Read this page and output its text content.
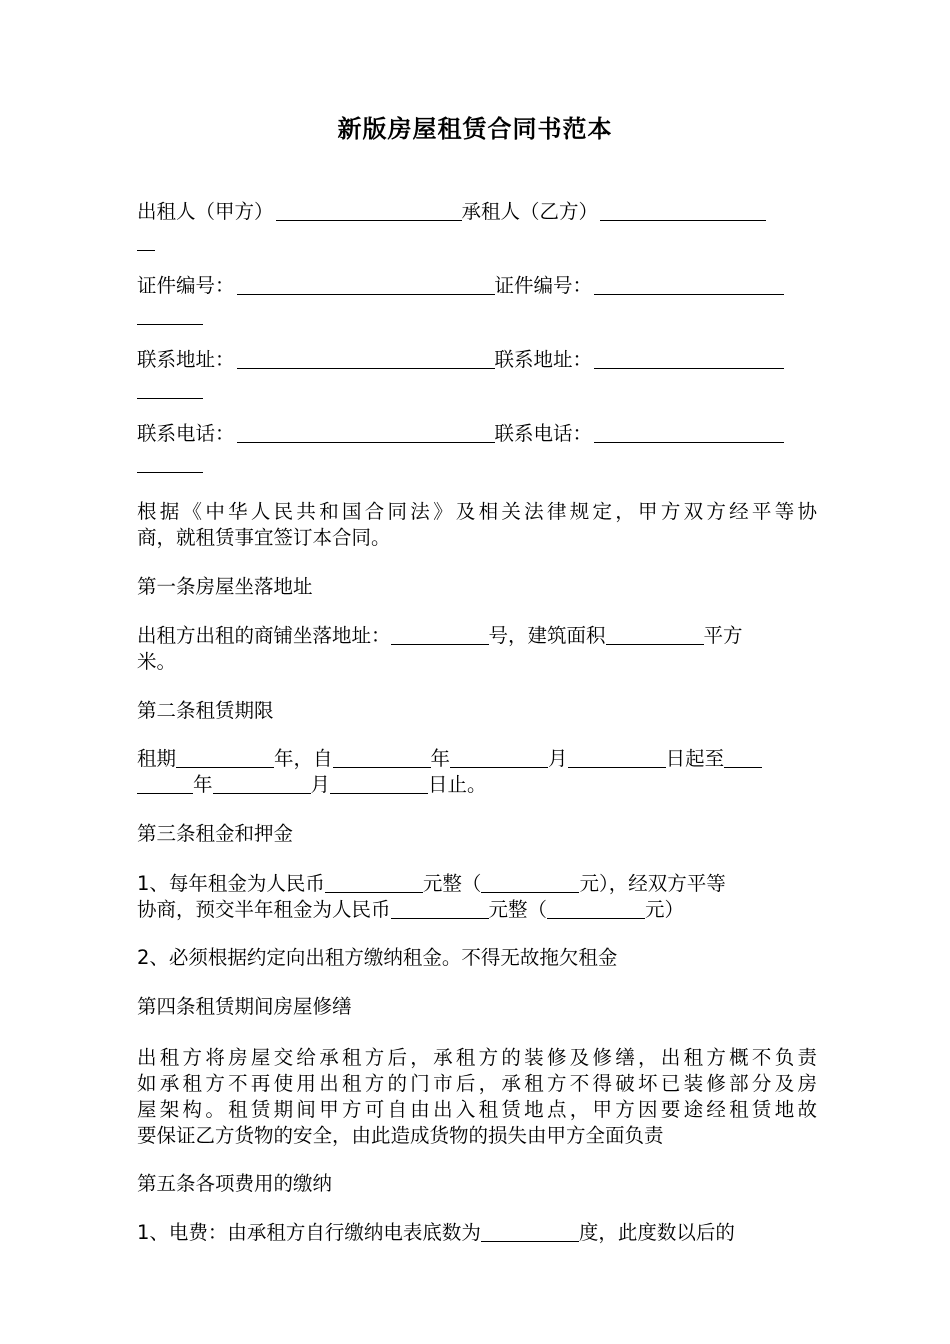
新版房屋租赁合同书范本
出租人（甲方）	承租人（乙方）
证件编号：	证件编号：
联系地址：	联系地址：
联系电话：	联系电话：
根据《中华人民共和国合同法》及相关法律规定，甲方双方经平等协
商，就租赁事宜签订本合同。
第一条房屋坐落地址
出租方出租的商铺坐落地址：	号，建筑面积	平方
米。
第二条租赁期限
租期	年，自	年	月	日起至
年	月	日止。
第三条租金和押金
1、每年租金为人民币	元整（	元），经双方平等
协商，预交半年租金为人民币	元整（	元）
2、必须根据约定向出租方缴纳租金。不得无故拖欠租金
第四条租赁期间房屋修缮
出租方将房屋交给承租方后，承租方的装修及修缮，出租方概不负责
如承租方不再使用出租方的门市后，承租方不得破坏已装修部分及房
屋架构。租赁期间甲方可自由出入租赁地点，甲方因要途经租赁地故
要保证乙方货物的安全，由此造成货物的损失由甲方全面负责
第五条各项费用的缴纳
1、电费：由承租方自行缴纳电表底数为	度，此度数以后的
